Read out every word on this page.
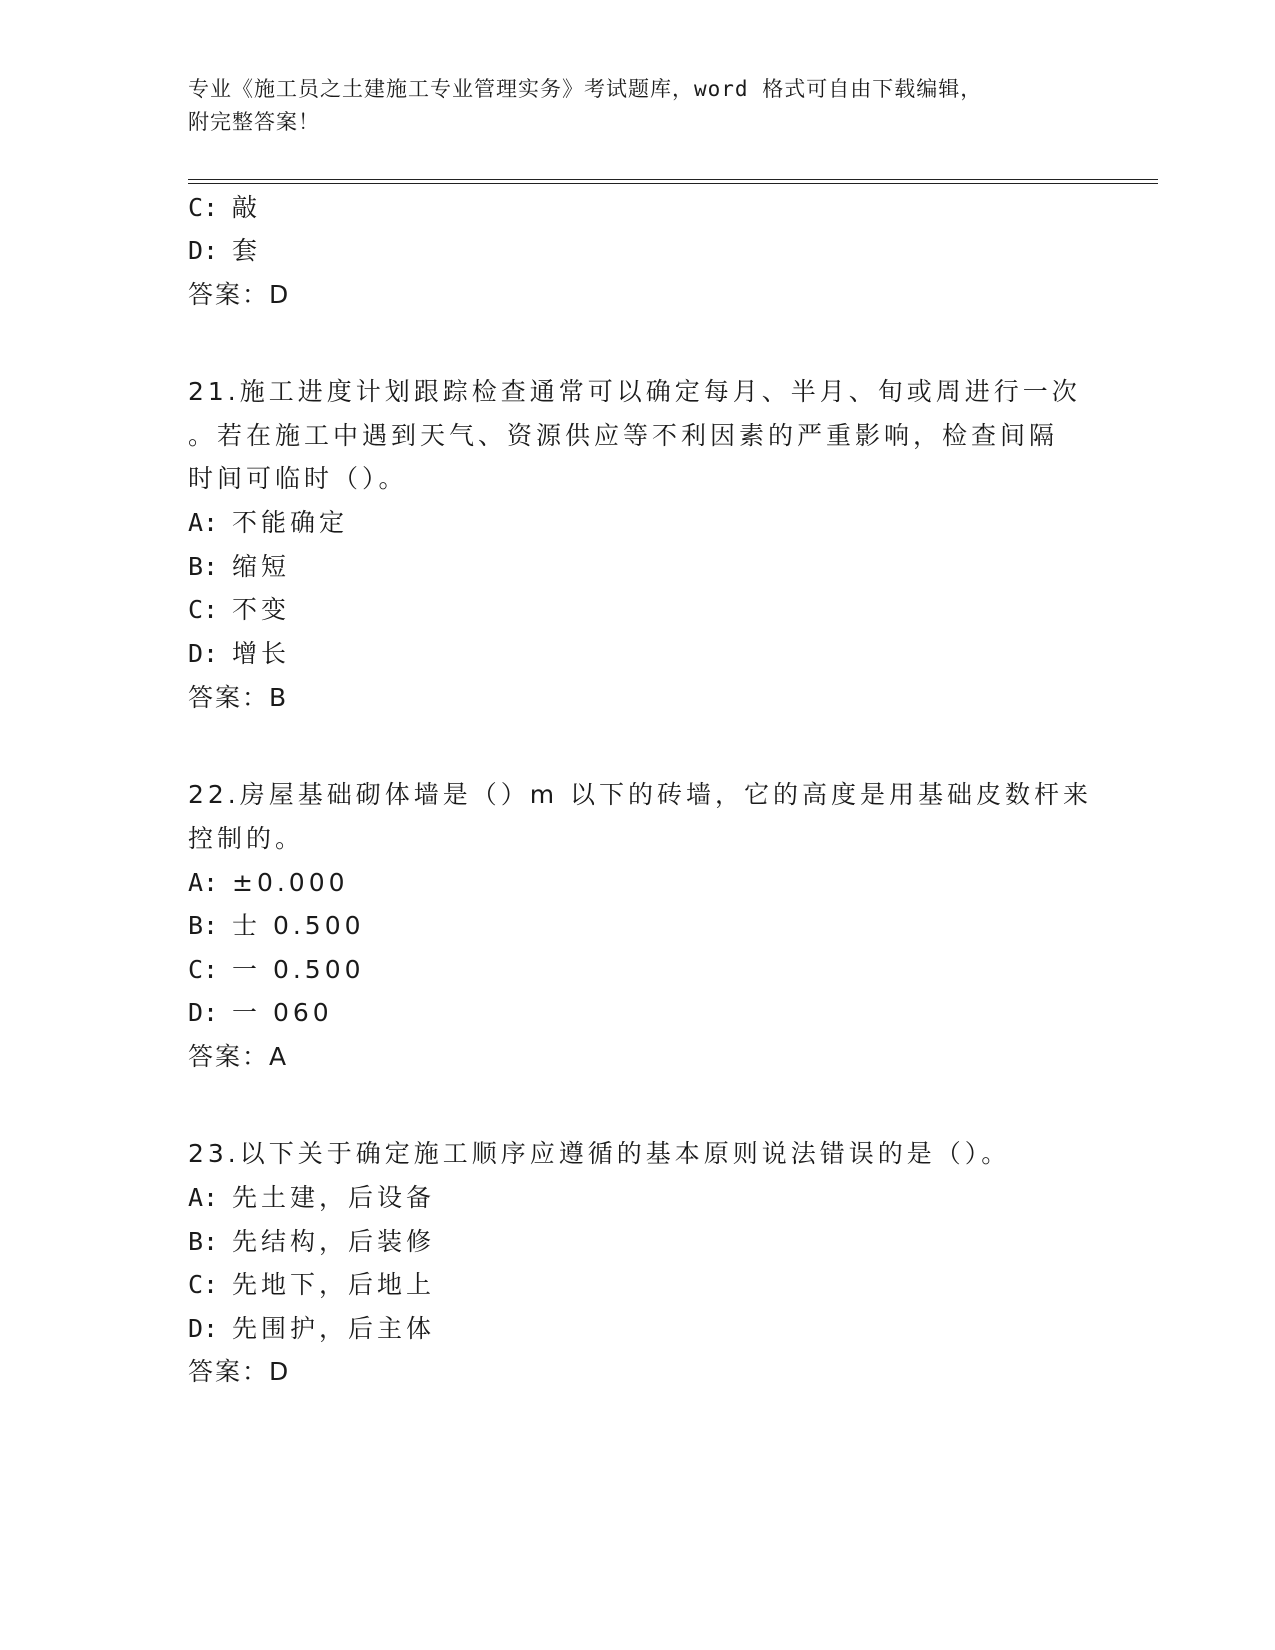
专业《施工员之土建施工专业管理实务》考试题库，word 格式可自由下载编辑，
附完整答案！
C: 敲
D: 套
答案：D
21.施工进度计划跟踪检查通常可以确定每月、半月、旬或周进行一次
。若在施工中遇到天气、资源供应等不利因素的严重影响，检查间隔
时间可临时（）。
A: 不能确定
B: 缩短
C: 不变
D: 增长
答案：B
22.房屋基础砌体墙是（）m 以下的砖墙，它的高度是用基础皮数杆来
控制的。
A: ±0.000
B: 士 0.500
C: 一 0.500
D: 一 060
答案：A
23.以下关于确定施工顺序应遵循的基本原则说法错误的是（）。
A: 先土建，后设备
B: 先结构，后装修
C: 先地下，后地上
D: 先围护，后主体
答案：D
